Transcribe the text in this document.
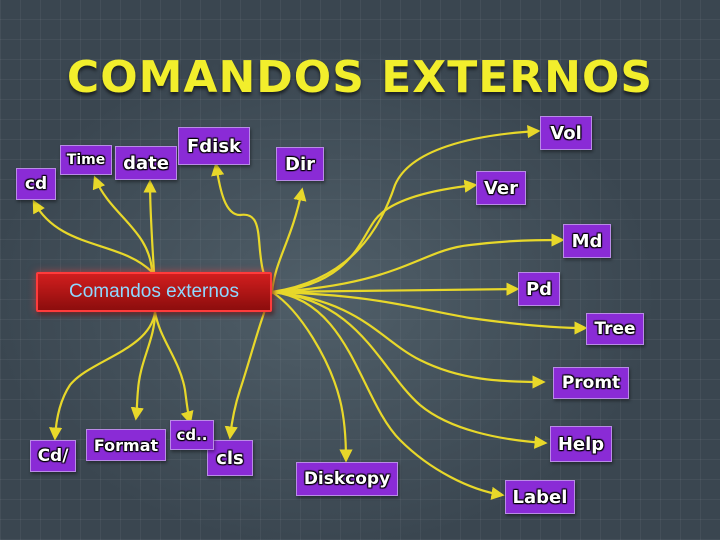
COMANDOS EXTERNOS
Comandos externos
cd
Time date
Fdisk
Dir
Vol
Ver
Md
Pd
Tree
Promt
Help
Label
Diskcopy
cls
cd..
Format
Cd/
